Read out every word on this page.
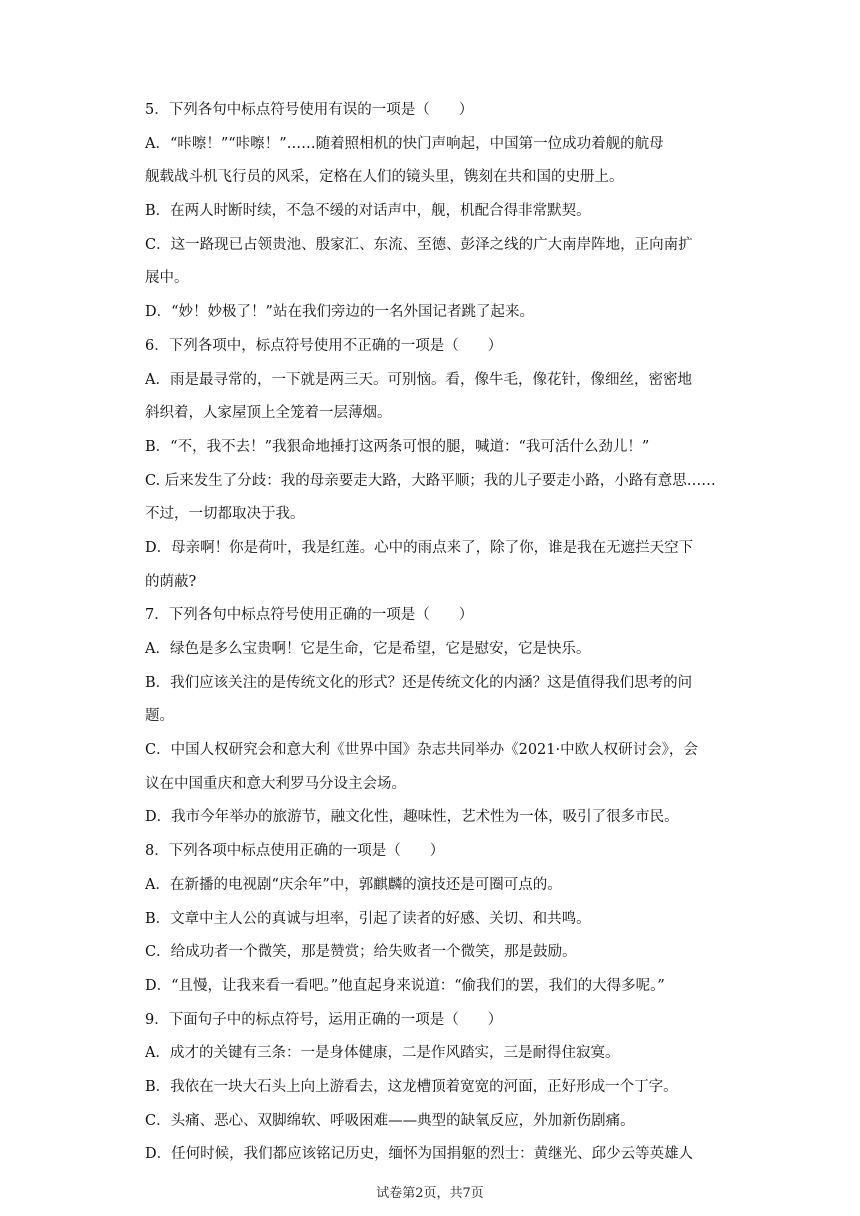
5．下列各句中标点符号使用有误的一项是（　　）
A．“咔嚓！”“咔嚓！”……随着照相机的快门声响起，中国第一位成功着舰的航母
舰载战斗机飞行员的风采，定格在人们的镜头里，镌刻在共和国的史册上。
B．在两人时断时续，不急不缓的对话声中，舰，机配合得非常默契。
C．这一路现已占领贵池、殷家汇、东流、至德、彭泽之线的广大南岸阵地，正向南扩
展中。
D．“妙！妙极了！”站在我们旁边的一名外国记者跳了起来。
6．下列各项中，标点符号使用不正确的一项是（　　）
A．雨是最寻常的，一下就是两三天。可别恼。看，像牛毛，像花针，像细丝，密密地
斜织着，人家屋顶上全笼着一层薄烟。
B．“不，我不去！”我狠命地捶打这两条可恨的腿，喊道：“我可活什么劲儿！”
C. 后来发生了分歧：我的母亲要走大路，大路平顺；我的儿子要走小路，小路有意思……
不过，一切都取决于我。
D．母亲啊！你是荷叶，我是红莲。心中的雨点来了，除了你，谁是我在无遮拦天空下
的荫蔽?
7．下列各句中标点符号使用正确的一项是（　　）
A．绿色是多么宝贵啊！它是生命，它是希望，它是慰安，它是快乐。
B．我们应该关注的是传统文化的形式？还是传统文化的内涵？这是值得我们思考的问
题。
C．中国人权研究会和意大利《世界中国》杂志共同举办《2021·中欧人权研讨会》，会
议在中国重庆和意大利罗马分设主会场。
D．我市今年举办的旅游节，融文化性，趣味性，艺术性为一体，吸引了很多市民。
8．下列各项中标点使用正确的一项是（　　）
A．在新播的电视剧“庆余年”中，郭麒麟的演技还是可圈可点的。
B．文章中主人公的真诚与坦率，引起了读者的好感、关切、和共鸣。
C．给成功者一个微笑，那是赞赏；给失败者一个微笑，那是鼓励。
D．“且慢，让我来看一看吧。”他直起身来说道：“偷我们的罢，我们的大得多呢。”
9．下面句子中的标点符号，运用正确的一项是（　　）
A．成才的关键有三条：一是身体健康，二是作风踏实，三是耐得住寂寞。
B．我依在一块大石头上向上游看去，这龙槽顶着宽宽的河面，正好形成一个丁字。
C．头痛、恶心、双脚绵软、呼吸困难——典型的缺氧反应，外加新伤剧痛。
D．任何时候，我们都应该铭记历史，缅怀为国捐躯的烈士：黄继光、邱少云等英雄人
试卷第2页，共7页
